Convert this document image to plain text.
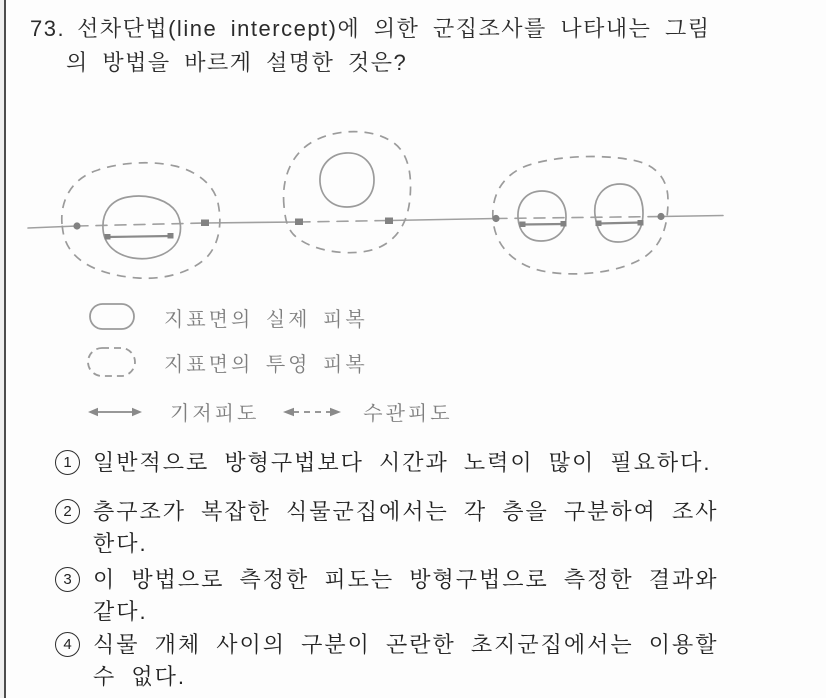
73. 선차단법(line intercept)에 의한 군집조사를 나타내는 그림
의 방법을 바르게 설명한 것은?
지표면의 실제 피복
지표면의 투영 피복
기저피도	수관피도
1 일반적으로 방형구법보다 시간과 노력이 많이 필요하다.
2 층구조가 복잡한 식물군집에서는 각 층을 구분하여 조사
한다.
3 이 방법으로 측정한 피도는 방형구법으로 측정한 결과와
같다.
4 식물 개체 사이의 구분이 곤란한 초지군집에서는 이용할
수 없다.
